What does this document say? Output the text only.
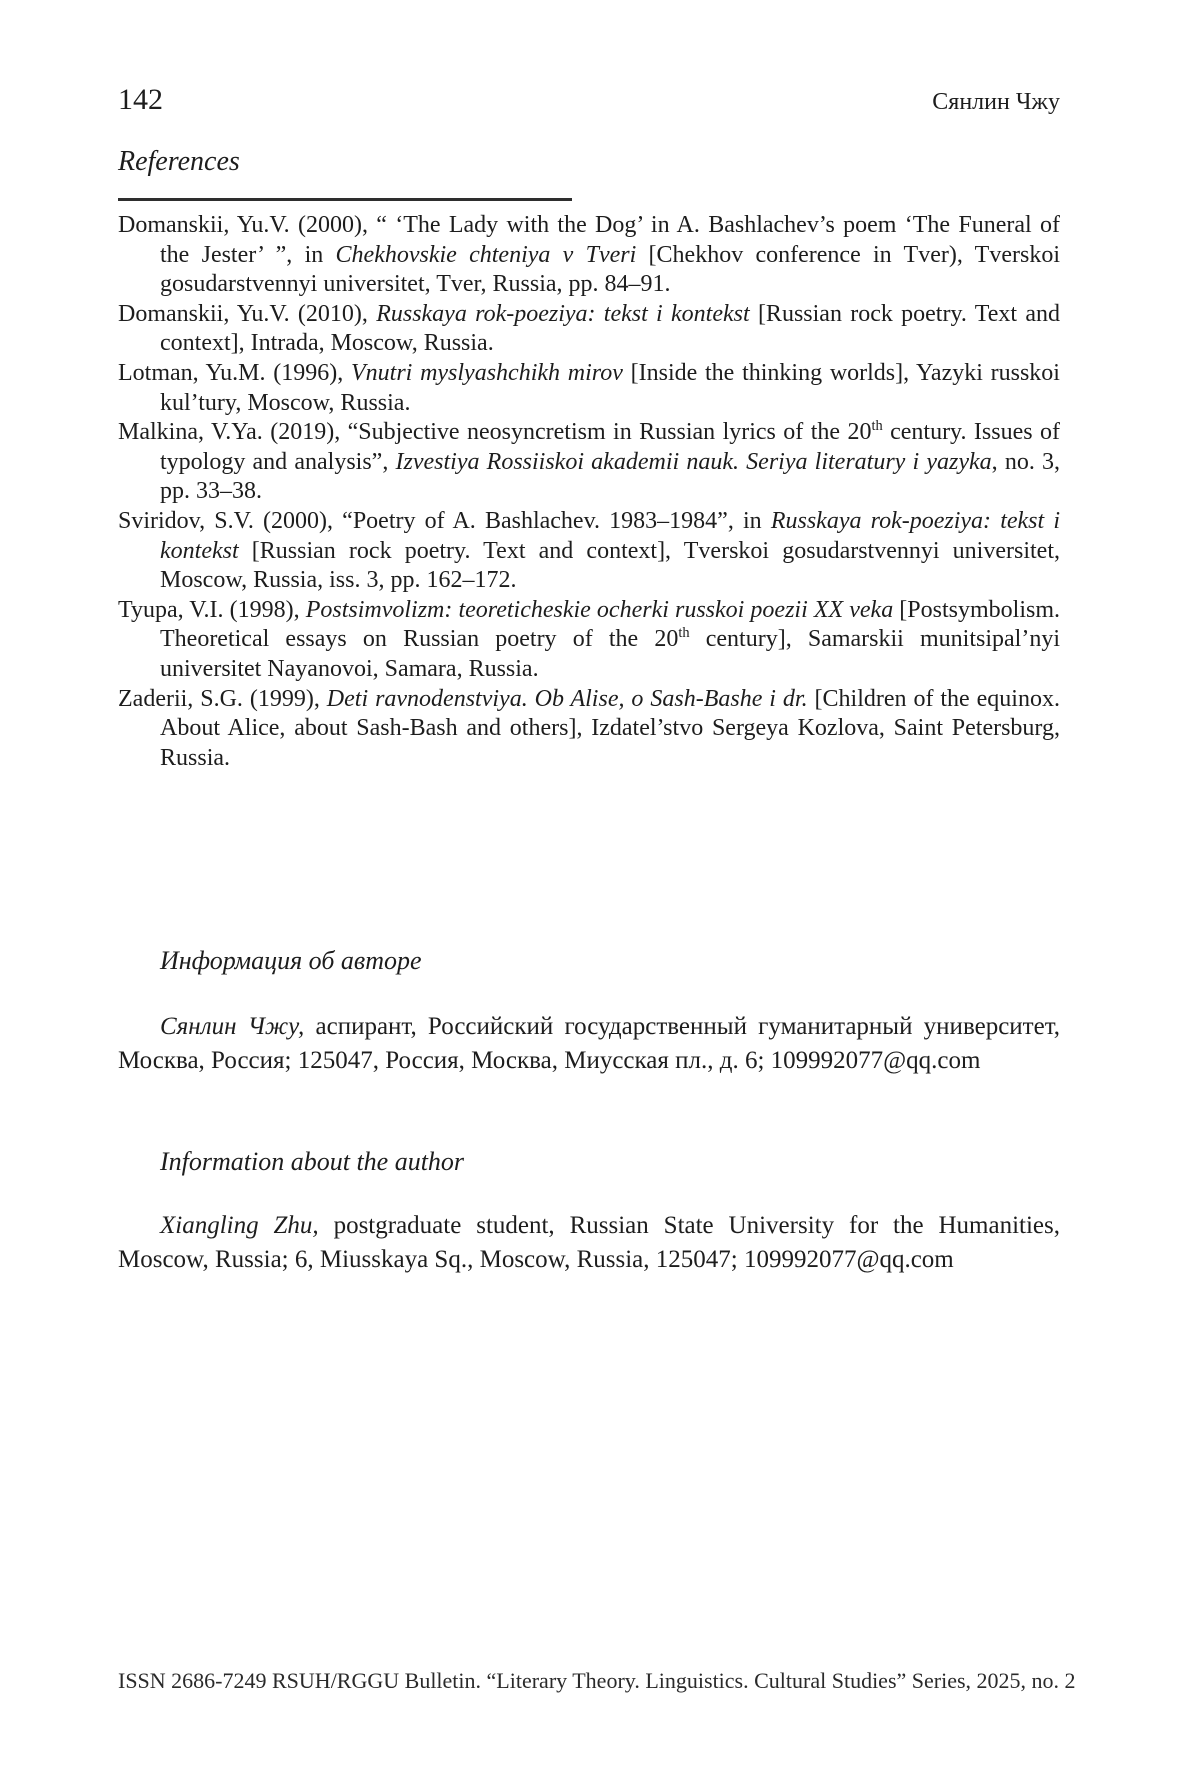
142	Сянлин Чжу
References
Domanskii, Yu.V. (2000), “ ‘The Lady with the Dog’ in A. Bashlachev’s poem ‘The Funeral of the Jester’ ”, in Chekhovskie chteniya v Tveri [Chekhov conference in Tver), Tverskoi gosudarstvennyi universitet, Tver, Russia, pp. 84–91.
Domanskii, Yu.V. (2010), Russkaya rok-poeziya: tekst i kontekst [Russian rock poetry. Text and context], Intrada, Moscow, Russia.
Lotman, Yu.M. (1996), Vnutri myslyashchikh mirov [Inside the thinking worlds], Yazyki russkoi kul’tury, Moscow, Russia.
Malkina, V.Ya. (2019), “Subjective neosyncretism in Russian lyrics of the 20th century. Issues of typology and analysis”, Izvestiya Rossiiskoi akademii nauk. Seriya literatury i yazyka, no. 3, pp. 33–38.
Sviridov, S.V. (2000), “Poetry of A. Bashlachev. 1983–1984”, in Russkaya rok-poeziya: tekst i kontekst [Russian rock poetry. Text and context], Tverskoi gosudarstvennyi universitet, Moscow, Russia, iss. 3, pp. 162–172.
Tyupa, V.I. (1998), Postsimvolizm: teoreticheskie ocherki russkoi poezii XX veka [Postsymbolism. Theoretical essays on Russian poetry of the 20th century], Samarskii munitsipal’nyi universitet Nayanovoi, Samara, Russia.
Zaderii, S.G. (1999), Deti ravnodenstviya. Ob Alise, o Sash-Bashe i dr. [Children of the equinox. About Alice, about Sash-Bash and others], Izdatel’stvo Sergeya Kozlova, Saint Petersburg, Russia.
Информация об авторе

Сянлин Чжу, аспирант, Российский государственный гуманитарный университет, Москва, Россия; 125047, Россия, Москва, Миусская пл., д. 6; 109992077@qq.com

Information about the author

Xiangling Zhu, postgraduate student, Russian State University for the Humanities, Moscow, Russia; 6, Miusskaya Sq., Moscow, Russia, 125047; 109992077@qq.com

ISSN 2686-7249 RSUH/RGGU Bulletin. “Literary Theory. Linguistics. Cultural Studies” Series, 2025, no. 2
